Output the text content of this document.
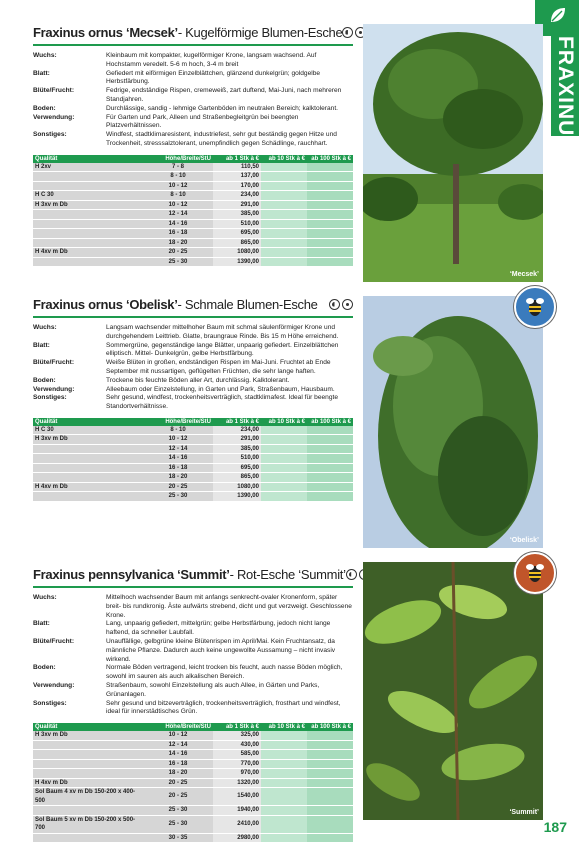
FRAXINUS
Fraxinus ornus ‘Mecsek’- Kugelförmige Blumen-Esche
Wuchs:	Kleinbaum mit kompakter, kugelförmiger Krone, langsam wachsend. Auf Hochstamm veredelt. 5-6 m hoch, 3-4 m breit
Blatt:	Gefiedert mit eiförmigen Einzelblättchen, glänzend dunkelgrün; goldgelbe Herbstfärbung.
Blüte/Frucht:	Fedrige, endständige Rispen, cremeweiß, zart duftend, Mai-Juni, nach mehreren Standjahren.
Boden:	Durchlässige, sandig - lehmige Gartenböden im neutralen Bereich; kalktolerant.
Verwendung:	Für Garten und Park, Alleen und Straßenbegleitgrün bei beengten Platzverhältnissen.
Sonstiges:	Windfest, stadtklimaresistent, industriefest, sehr gut beständig gegen Hitze und Trockenheit, stresssalztolerant, unempfindlich gegen Schädlinge, rauchhart.
Qualität	Höhe/Breite/StU	ab 1 Stk à €	ab 10 Stk à €	ab 100 Stk à €
H 2xv	7 - 8	110,50		
	8 - 10	137,00		
	10 - 12	170,00		
H C 30	8 - 10	234,00		
H 3xv m Db	10 - 12	291,00		
	12 - 14	385,00		
	14 - 16	510,00		
	16 - 18	695,00		
	18 - 20	865,00		
H 4xv m Db	20 - 25	1080,00		
	25 - 30	1390,00		
Fraxinus ornus ‘Obelisk’- Schmale Blumen-Esche
Wuchs:	Langsam wachsender mittelhoher Baum mit schmal säulenförmiger Krone und durchgehendem Leittrieb. Glatte, braungraue Rinde. Bis 15 m Höhe erreichend.
Blatt:	Sommergrüne, gegenständige lange Blätter, unpaarig gefiedert. Einzelblättchen elliptisch. Mittel- Dunkelgrün, gelbe Herbstfärbung.
Blüte/Frucht:	Weiße Blüten in großen, endständigen Rispen im Mai-Juni. Fruchtet ab Ende September mit nussartigen, geflügelten Früchten, die sehr lange haften.
Boden:	Trockene bis feuchte Böden aller Art, durchlässig. Kalktolerant.
Verwendung:	Alleebaum oder Einzelstellung, in Garten und Park, Straßenbaum, Hausbaum.
Sonstiges:	Sehr gesund, windfest, trockenheitsverträglich, stadtklimafest. Ideal für beengte Standortverhältnisse.
Qualität	Höhe/Breite/StU	ab 1 Stk à €	ab 10 Stk à €	ab 100 Stk à €
H C 30	8 - 10	234,00		
H 3xv m Db	10 - 12	291,00		
	12 - 14	385,00		
	14 - 16	510,00		
	16 - 18	695,00		
	18 - 20	865,00		
H 4xv m Db	20 - 25	1080,00		
	25 - 30	1390,00		
Fraxinus pennsylvanica ‘Summit’- Rot-Esche ‘Summit’
Wuchs:	Mittelhoch wachsender Baum mit anfangs senkrecht-ovaler Kronenform, später breit- bis rundkronig. Äste aufwärts strebend, dicht und gut verzweigt. Geschlossene Krone.
Blatt:	Lang, unpaarig gefiedert, mittelgrün; gelbe Herbstfärbung, jedoch nicht lange haftend, da schneller Laubfall.
Blüte/Frucht:	Unauffällige, gelbgrüne kleine Blütenrispen im April/Mai. Kein Fruchtansatz, da männliche Pflanze. Dadurch auch keine ungewollte Aussamung – nicht invasiv wirkend.
Boden:	Normale Böden vertragend, leicht trocken bis feucht, auch nasse Böden möglich, sowohl im sauren als auch alkalischen Bereich.
Verwendung:	Straßenbaum, sowohl Einzelstellung als auch Allee, in Gärten und Parks, Grünanlagen.
Sonstiges:	Sehr gesund und bitzeverträglich, trockenheitsverträglich, frosthart und windfest, ideal für innerstädtisches Grün.
Qualität	Höhe/Breite/StU	ab 1 Stk à €	ab 10 Stk à €	ab 100 Stk à €
H 3xv m Db	10 - 12	325,00		
	12 - 14	430,00		
	14 - 16	585,00		
	16 - 18	770,00		
	18 - 20	970,00		
H 4xv m Db	20 - 25	1320,00		
Sol Baum 4 xv m Db 150-200 x 400-500	20 - 25	1540,00		
	25 - 30	1940,00		
Sol Baum 5 xv m Db 150-200 x 500-700	25 - 30	2410,00		
	30 - 35	2980,00		
‘Mecsek’
‘Obelisk’
‘Summit’
187
